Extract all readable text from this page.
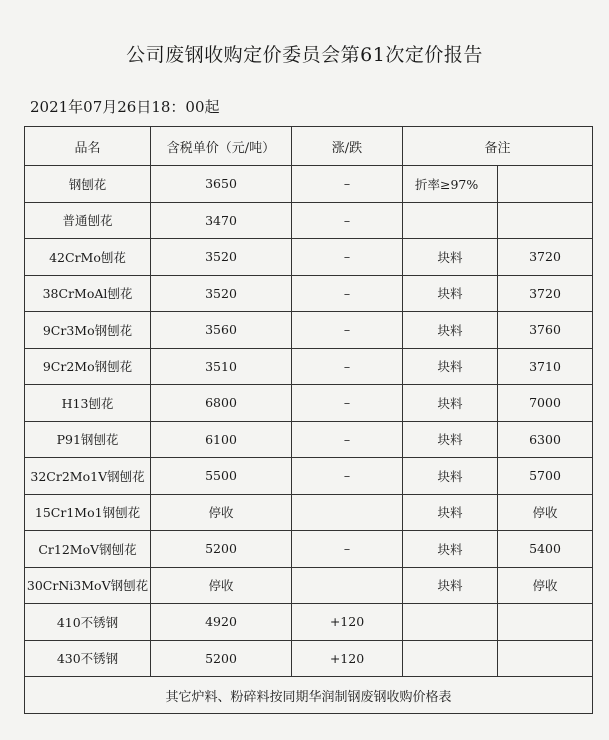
公司废钢收购定价委员会第61次定价报告
2021年07月26日18：00起
品名	含税单价（元/吨）	涨/跌	备注	
钢刨花	3650	–	折率≥97%	
普通刨花	3470	–		
42CrMo刨花	3520	–	块料	3720
38CrMoAl刨花	3520	–	块料	3720
9Cr3Mo钢刨花	3560	–	块料	3760
9Cr2Mo钢刨花	3510	–	块料	3710
H13刨花	6800	–	块料	7000
P91钢刨花	6100	–	块料	6300
32Cr2Mo1V钢刨花	5500	–	块料	5700
15Cr1Mo1钢刨花	停收		块料	停收
Cr12MoV钢刨花	5200	–	块料	5400
30CrNi3MoV钢刨花	停收		块料	停收
410不锈钢	4920	+120		
430不锈钢	5200	+120		
其它炉料、粉碎料按同期华润制钢废钢收购价格表				
